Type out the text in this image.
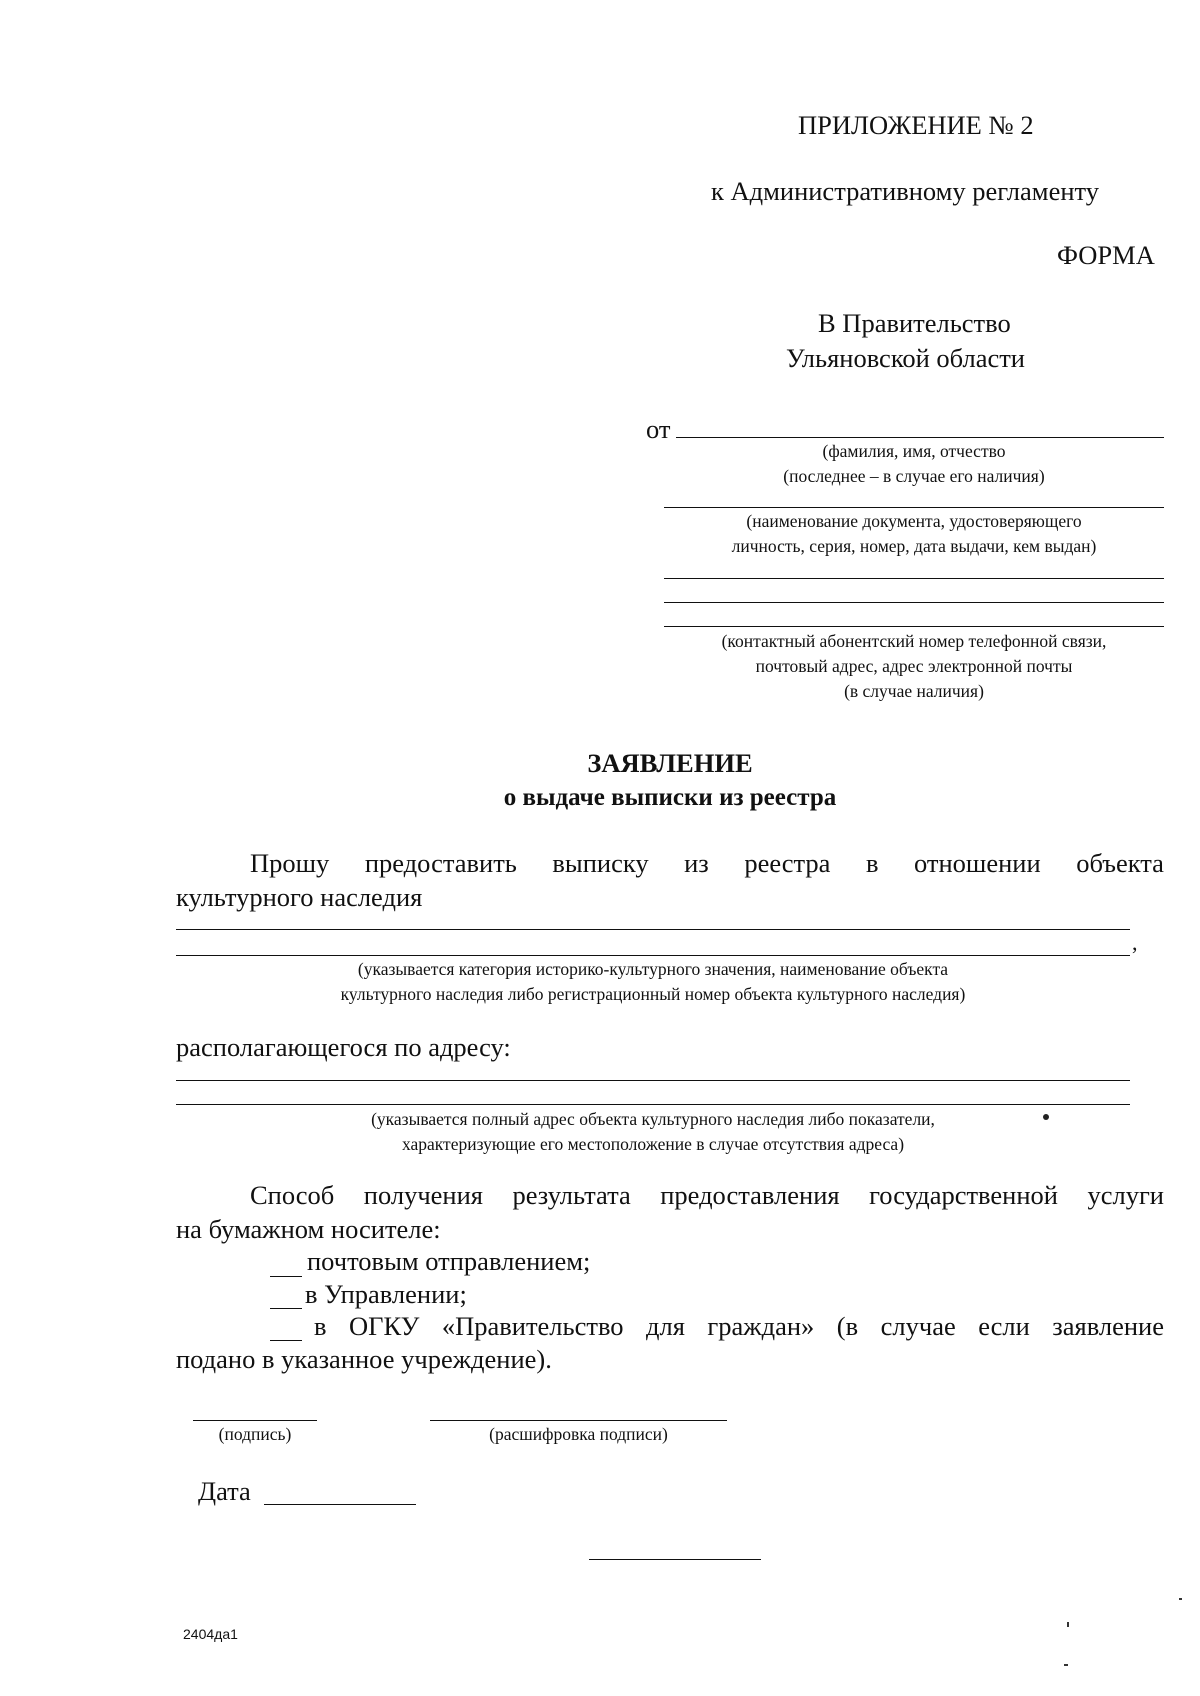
ПРИЛОЖЕНИЕ № 2
к Административному регламенту
ФОРМА
В Правительство
Ульяновской области
от
(фамилия, имя, отчество
(последнее – в случае его наличия)
(наименование документа, удостоверяющего
личность, серия, номер, дата выдачи, кем выдан)
(контактный абонентский номер телефонной связи,
почтовый адрес, адрес электронной почты
(в случае наличия)
ЗАЯВЛЕНИЕ
о выдаче выписки из реестра
Прошу предоставить выписку из реестра в отношении объекта
культурного наследия
,
(указывается категория историко-культурного значения, наименование объекта
культурного наследия либо регистрационный номер объекта культурного наследия)
располагающегося по адресу:
(указывается полный адрес объекта культурного наследия либо показатели,
характеризующие его местоположение в случае отсутствия адреса)
Способ получения результата предоставления государственной услуги
на бумажном носителе:
почтовым отправлением;
в Управлении;
в ОГКУ «Правительство для граждан» (в случае если заявление
подано в указанное учреждение).
(подпись)	(расшифровка подписи)
Дата
2404да1
